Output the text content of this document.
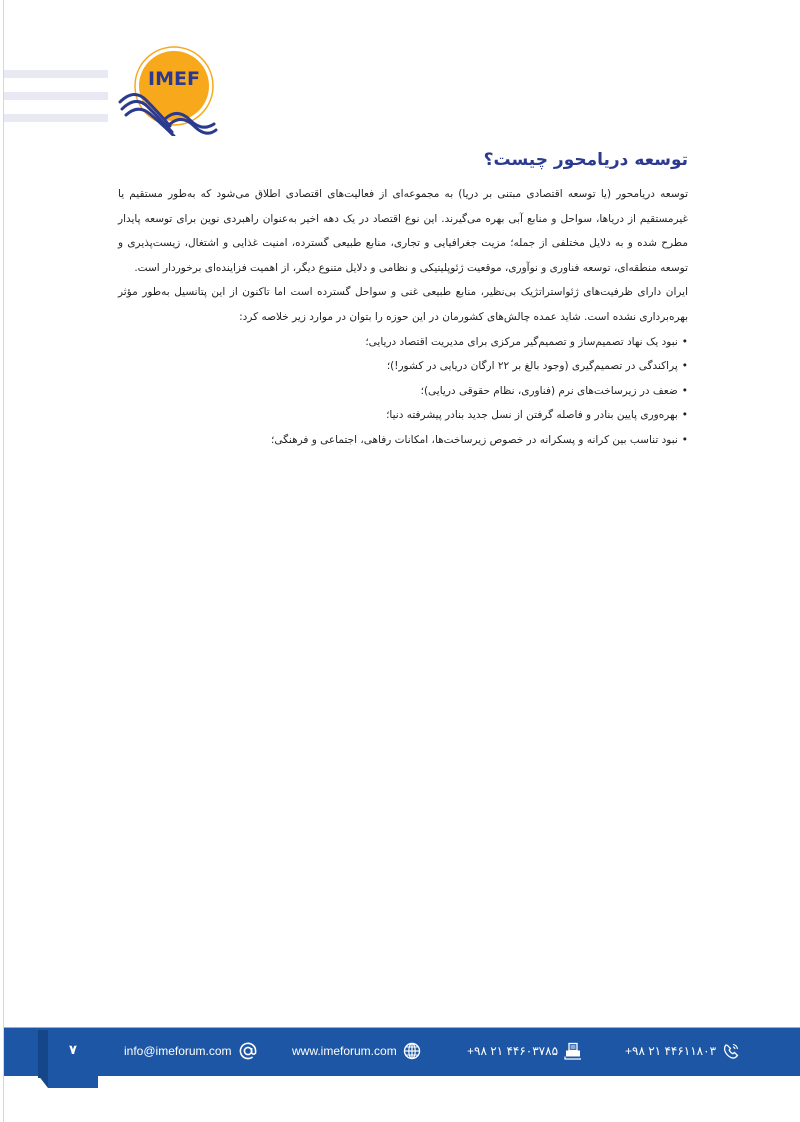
IMEF
توسعه دریامحور چیست؟

توسعه دریامحور (یا توسعه اقتصادی مبتنی بر دریا) به مجموعه‌ای از فعالیت‌های اقتصادی اطلاق می‌شود که به‌طور مستقیم یا غیرمستقیم از دریاها، سواحل و منابع آبی بهره می‌گیرند. این نوع اقتصاد در یک دهه اخیر به‌عنوان راهبردی نوین برای توسعه پایدار مطرح شده و به دلایل مختلفی از جمله؛ مزیت جغرافیایی و تجاری، منابع طبیعی گسترده، امنیت غذایی و اشتغال، زیست‌پذیری و توسعه منطقه‌ای، توسعه فناوری و نوآوری، موقعیت ژئوپلیتیکی و نظامی و دلایل متنوع دیگر، از اهمیت فزاینده‌ای برخوردار است.

ایران دارای ظرفیت‌های ژئواستراتژیک بی‌نظیر، منابع طبیعی غنی و سواحل گسترده است اما تاکنون از این پتانسیل به‌طور مؤثر بهره‌برداری نشده است. شاید عمده چالش‌های کشورمان در این حوزه را بتوان در موارد زیر خلاصه کرد:

•نبود یک نهاد تصمیم‌ساز و تصمیم‌گیر مرکزی برای مدیریت اقتصاد دریایی؛
•پراکندگی در تصمیم‌گیری (وجود بالغ بر ۲۲ ارگان دریایی در کشور!)؛
•ضعف در زیرساخت‌های نرم (فناوری، نظام حقوقی دریایی)؛
•بهره‌وری پایین بنادر و فاصله گرفتن از نسل جدید بنادر پیشرفته دنیا؛
•نبود تناسب بین کرانه و پسکرانه در خصوص زیرساخت‌ها، امکانات رفاهی، اجتماعی و فرهنگی؛
۷	info@imeforum.com	www.imeforum.com	+۹۸ ۲۱ ۴۴۶۰۳۷۸۵	+۹۸ ۲۱ ۴۴۶۱۱۸۰۳
